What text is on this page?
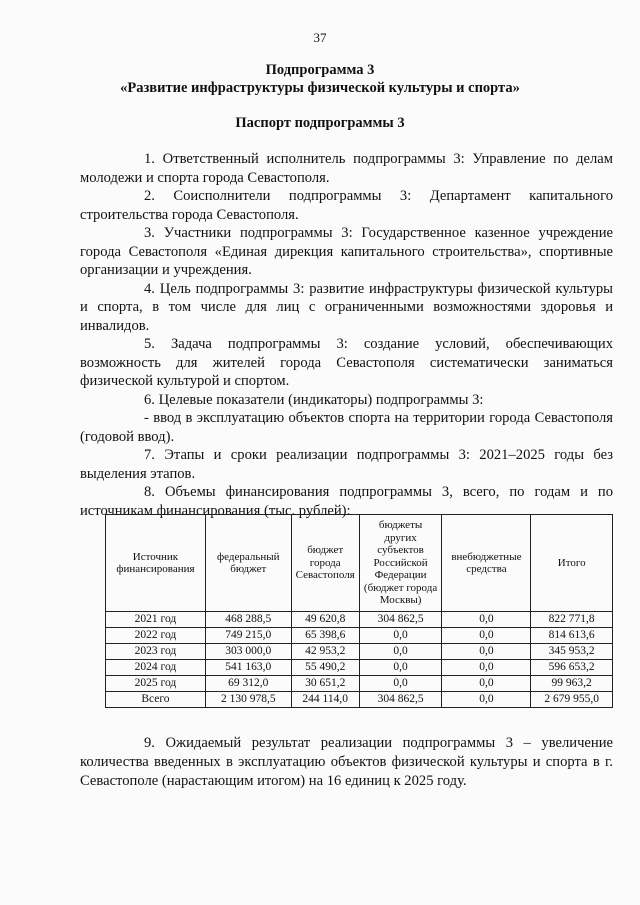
37
Подпрограмма 3
«Развитие инфраструктуры физической культуры и спорта»
Паспорт подпрограммы 3

1. Ответственный исполнитель подпрограммы 3: Управление по делам молодежи и спорта города Севастополя.

2. Соисполнители подпрограммы 3: Департамент капитального строительства города Севастополя.

3. Участники подпрограммы 3: Государственное казенное учреждение города Севастополя «Единая дирекция капитального строительства», спортивные организации и учреждения.

4. Цель подпрограммы 3: развитие инфраструктуры физической культуры и спорта, в том числе для лиц с ограниченными возможностями здоровья и инвалидов.

5. Задача подпрограммы 3: создание условий, обеспечивающих возможность для жителей города Севастополя систематически заниматься физической культурой и спортом.

6. Целевые показатели (индикаторы) подпрограммы 3:

- ввод в эксплуатацию объектов спорта на территории города Севастополя (годовой ввод).

7. Этапы и сроки реализации подпрограммы 3: 2021–2025 годы без выделения этапов.

8. Объемы финансирования подпрограммы 3, всего, по годам и по источникам финансирования (тыс. рублей):

Источник финансирования	федеральный бюджет	бюджет города Севастополя	бюджеты других субъектов Российской Федерации (бюджет города Москвы)	внебюджетные средства	Итого
2021 год	468 288,5	49 620,8	304 862,5	0,0	822 771,8
2022 год	749 215,0	65 398,6	0,0	0,0	814 613,6
2023 год	303 000,0	42 953,2	0,0	0,0	345 953,2
2024 год	541 163,0	55 490,2	0,0	0,0	596 653,2
2025 год	69 312,0	30 651,2	0,0	0,0	99 963,2
Всего	2 130 978,5	244 114,0	304 862,5	0,0	2 679 955,0

9. Ожидаемый результат реализации подпрограммы 3 – увеличение количества введенных в эксплуатацию объектов физической культуры и спорта в г. Севастополе (нарастающим итогом) на 16 единиц к 2025 году.
